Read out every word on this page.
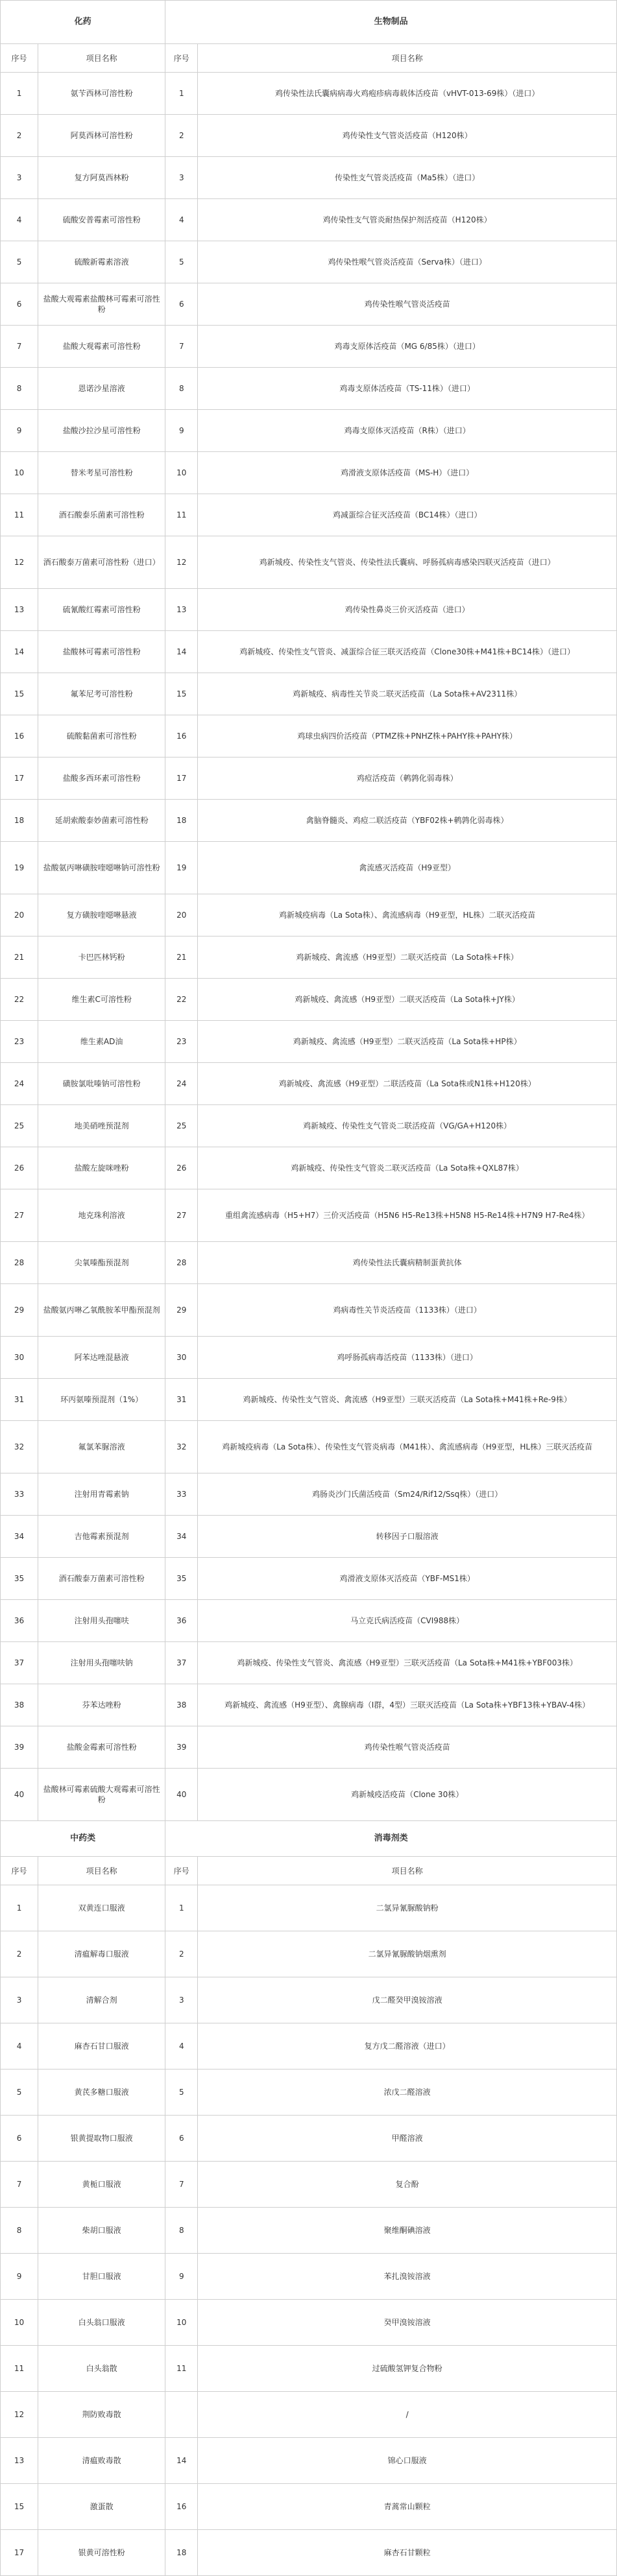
化药		生物制品	
序号	项目名称	序号	项目名称
1	氨苄西林可溶性粉	1	鸡传染性法氏囊病病毒火鸡疱疹病毒载体活疫苗（vHVT-013-69株）（进口）
2	阿莫西林可溶性粉	2	鸡传染性支气管炎活疫苗（H120株）
3	复方阿莫西林粉	3	传染性支气管炎活疫苗（Ma5株）（进口）
4	硫酸安普霉素可溶性粉	4	鸡传染性支气管炎耐热保护剂活疫苗（H120株）
5	硫酸新霉素溶液	5	鸡传染性喉气管炎活疫苗（Serva株）（进口）
6	盐酸大观霉素盐酸林可霉素可溶性粉	6	鸡传染性喉气管炎活疫苗
7	盐酸大观霉素可溶性粉	7	鸡毒支原体活疫苗（MG 6/85株）（进口）
8	恩诺沙星溶液	8	鸡毒支原体活疫苗（TS-11株）（进口）
9	盐酸沙拉沙星可溶性粉	9	鸡毒支原体灭活疫苗（R株）（进口）
10	替米考星可溶性粉	10	鸡滑液支原体活疫苗（MS-H）（进口）
11	酒石酸泰乐菌素可溶性粉	11	鸡减蛋综合征灭活疫苗（BC14株）（进口）
12	酒石酸泰万菌素可溶性粉（进口）	12	鸡新城疫、传染性支气管炎、传染性法氏囊病、呼肠孤病毒感染四联灭活疫苗（进口）
13	硫氰酸红霉素可溶性粉	13	鸡传染性鼻炎三价灭活疫苗（进口）
14	盐酸林可霉素可溶性粉	14	鸡新城疫、传染性支气管炎、减蛋综合征三联灭活疫苗（Clone30株+M41株+BC14株）（进口）
15	氟苯尼考可溶性粉	15	鸡新城疫、病毒性关节炎二联灭活疫苗（La Sota株+AV2311株）
16	硫酸黏菌素可溶性粉	16	鸡球虫病四价活疫苗（PTMZ株+PNHZ株+PAHY株+PAHY株）
17	盐酸多西环素可溶性粉	17	鸡痘活疫苗（鹌鹑化弱毒株）
18	延胡索酸泰妙菌素可溶性粉	18	禽脑脊髓炎、鸡痘二联活疫苗（YBF02株+鹌鹑化弱毒株）
19	盐酸氨丙啉磺胺喹噁啉钠可溶性粉	19	禽流感灭活疫苗（H9亚型）
20	复方磺胺喹噁啉悬液	20	鸡新城疫病毒（La Sota株）、禽流感病毒（H9亚型，HL株）二联灭活疫苗
21	卡巴匹林钙粉	21	鸡新城疫、禽流感（H9亚型）二联灭活疫苗（La Sota株+F株）
22	维生素C可溶性粉	22	鸡新城疫、禽流感（H9亚型）二联灭活疫苗（La Sota株+JY株）
23	维生素AD油	23	鸡新城疫、禽流感（H9亚型）二联灭活疫苗（La Sota株+HP株）
24	磺胺氯吡嗪钠可溶性粉	24	鸡新城疫、禽流感（H9亚型）二联活疫苗（La Sota株或N1株+H120株）
25	地美硝唑预混剂	25	鸡新城疫、传染性支气管炎二联活疫苗（VG/GA+H120株）
26	盐酸左旋咪唑粉	26	鸡新城疫、传染性支气管炎二联灭活疫苗（La Sota株+QXL87株）
27	地克珠利溶液	27	重组禽流感病毒（H5+H7）三价灭活疫苗（H5N6 H5-Re13株+H5N8 H5-Re14株+H7N9 H7-Re4株）
28	尖氧嗪酯预混剂	28	鸡传染性法氏囊病精制蛋黄抗体
29	盐酸氨丙啉乙氧酰胺苯甲酯预混剂	29	鸡病毒性关节炎活疫苗（1133株）（进口）
30	阿苯达唑混悬液	30	鸡呼肠孤病毒活疫苗（1133株）（进口）
31	环丙氨嗪预混剂（1%）	31	鸡新城疫、传染性支气管炎、禽流感（H9亚型）三联灭活疫苗（La Sota株+M41株+Re-9株）
32	氟氯苯脲溶液	32	鸡新城疫病毒（La Sota株）、传染性支气管炎病毒（M41株）、禽流感病毒（H9亚型，HL株）三联灭活疫苗
33	注射用青霉素钠	33	鸡肠炎沙门氏菌活疫苗（Sm24/Rif12/Ssq株）（进口）
34	吉他霉素预混剂	34	转移因子口服溶液
35	酒石酸泰万菌素可溶性粉	35	鸡滑液支原体灭活疫苗（YBF-MS1株）
36	注射用头孢噻呋	36	马立克氏病活疫苗（CVI988株）
37	注射用头孢噻呋钠	37	鸡新城疫、传染性支气管炎、禽流感（H9亚型）三联灭活疫苗（La Sota株+M41株+YBF003株）
38	芬苯达唑粉	38	鸡新城疫、禽流感（H9亚型）、禽腺病毒（I群，4型）三联灭活疫苗（La Sota株+YBF13株+YBAV-4株）
39	盐酸金霉素可溶性粉	39	鸡传染性喉气管炎活疫苗
40	盐酸林可霉素硫酸大观霉素可溶性粉	40	鸡新城疫活疫苗（Clone 30株）
中药类		消毒剂类	
序号	项目名称	序号	项目名称
1	双黄连口服液	1	二氯异氰脲酸钠粉
2	清瘟解毒口服液	2	二氯异氰脲酸钠烟熏剂
3	清解合剂	3	戊二醛癸甲溴铵溶液
4	麻杏石甘口服液	4	复方戊二醛溶液（进口）
5	黄芪多糖口服液	5	浓戊二醛溶液
6	银黄提取物口服液	6	甲醛溶液
7	黄栀口服液	7	复合酚
8	柴胡口服液	8	聚维酮碘溶液
9	甘胆口服液	9	苯扎溴铵溶液
10	白头翁口服液	10	癸甲溴铵溶液
11	白头翁散	11	过硫酸氢钾复合物粉
12	荆防败毒散		/
13	清瘟败毒散	14	锦心口服液
15	激蛋散	16	青蒿常山颗粒
17	银黄可溶性粉	18	麻杏石甘颗粒
